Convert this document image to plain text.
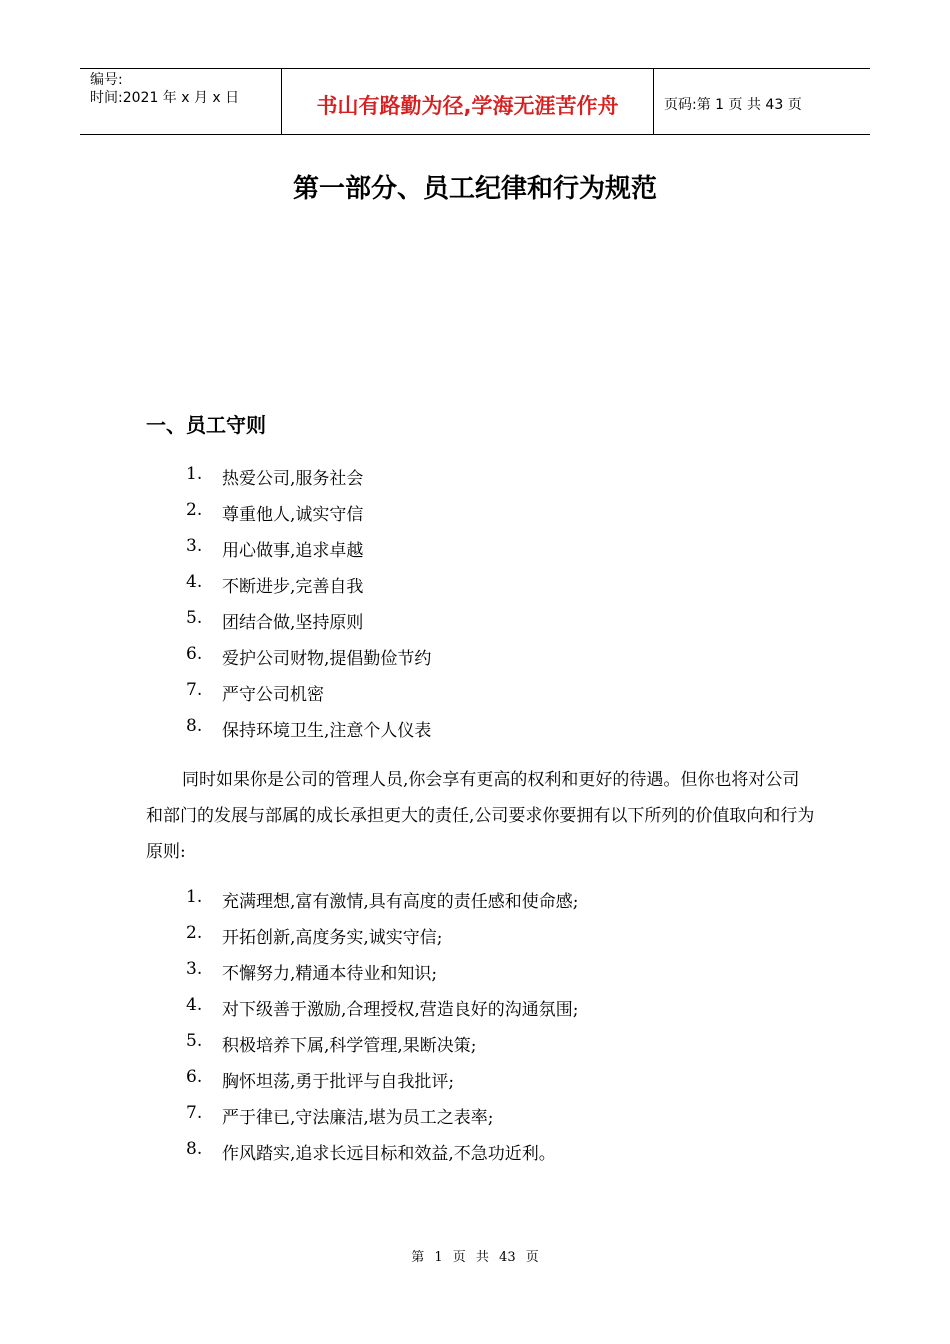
编号:
时间:2021 年 x 月 x 日	书山有路勤为径,学海无涯苦作舟	页码:第 1 页 共 43 页
第一部分、员工纪律和行为规范
一、员工守则
1.	热爱公司,服务社会
2.	尊重他人,诚实守信
3.	用心做事,追求卓越
4.	不断进步,完善自我
5.	团结合做,坚持原则
6.	爱护公司财物,提倡勤俭节约
7.	严守公司机密
8.	保持环境卫生,注意个人仪表

同时如果你是公司的管理人员,你会享有更高的权利和更好的待遇。但你也将对公司和部门的发展与部属的成长承担更大的责任,公司要求你要拥有以下所列的价值取向和行为原则:

1.	充满理想,富有激情,具有高度的责任感和使命感;
2.	开拓创新,高度务实,诚实守信;
3.	不懈努力,精通本待业和知识;
4.	对下级善于激励,合理授权,营造良好的沟通氛围;
5.	积极培养下属,科学管理,果断决策;
6.	胸怀坦荡,勇于批评与自我批评;
7.	严于律已,守法廉洁,堪为员工之表率;
8.	作风踏实,追求长远目标和效益,不急功近利。
第 1 页 共 43 页
